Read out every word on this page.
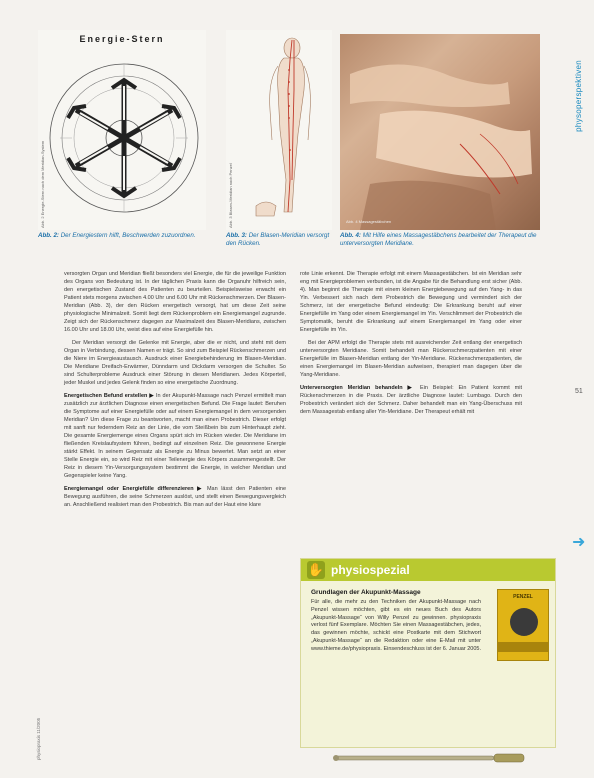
Energie-Stern
Abb. 2 Energie-Stern nach dem Meridian-System	Abb. 3 Blasen-Meridian nach Penzel	Abb. 4 Massagestäbchen
Abb. 2: Der Energiestern hilft, Beschwerden zuzuordnen.	Abb. 3: Der Blasen-Meridian versorgt den Rücken.
Abb. 4: Mit Hilfe eines Massagestäbchens bearbeitet der Therapeut die unterversorgten Meridiane.
physoperspektiven
51
➜

versorgten Organ und Meridian fließt besonders viel Energie, die für die jeweilige Funktion des Organs von Bedeutung ist. In der täglichen Praxis kann die Organuhr hilfreich sein, den energetischen Zustand des Patienten zu beurteilen. Beispielsweise erwacht ein Patient stets morgens zwischen 4.00 Uhr und 6.00 Uhr mit Rückenschmerzen. Der Blasen-Meridian (Abb. 3), der den Rücken energetisch versorgt, hat um diese Zeit seine physiologische Minimalzeit. Somit liegt dem Rückenproblem ein Energiemangel zugrunde. Zeigt sich der Rückenschmerz dagegen zur Maximalzeit des Blasen-Meridians, zwischen 16.00 Uhr und 18.00 Uhr, weist dies auf eine Energiefülle hin.

Der Meridian versorgt die Gelenke mit Energie, aber die er nicht, und steht mit dem Organ in Verbindung, dessen Namen er trägt. So sind zum Beispiel Rückenschmerzen und die Niere im Energieaustausch. Ausdruck einer Energiebehinderung im Blasen-Meridian. Die Meridiane Dreifach-Erwärmer, Dünndarm und Dickdarm versorgen die Schulter. So sind Schulterprobleme Ausdruck einer Störung in diesen Meridianen. Jedes Körperteil, jeder Muskel und jedes Gelenk finden so eine energetische Zuordnung.

Energetischen Befund erstellen ▶ In der Akupunkt-Massage nach Penzel ermittelt man zusätzlich zur ärztlichen Diagnose einen energetischen Befund. Die Frage lautet: Beruhen die Symptome auf einer Energiefülle oder auf einem Energiemangel in dem versorgenden Meridian? Um diese Frage zu beantworten, macht man einen Probestrich. Dieser erfolgt mit sanft nur federndem Reiz an der Linie, die vom Steißbein bis zum Hinterhaupt zieht. Die gesamte Energiemenge eines Organs spürt sich im Rücken wieder. Die Meridiane im fließenden Kreislaufsystem führen, bedingt auf einzelnen Reiz. Die gewonnene Energie stärkt Effekt. In seinem Gegensatz als Energie zu Minus bewertet. Man setzt an einer Stelle Energie ein, so wird Reiz mit einer Teilenergie des Körpers zusammengestellt. Der Reiz in diesem Yin-Versorgungssystem bestimmt die Energie, in welcher Meridian und Gegenspieler keine Yang.

Energiemangel oder Energiefülle differenzieren ▶ Man lässt den Patienten eine Bewegung ausführen, die seine Schmerzen auslöst, und stellt einen Bewegungsvergleich an. Anschließend realisiert man den Probestrich. Bis man auf der Haut eine klare

rote Linie erkennt. Die Therapie erfolgt mit einem Massagestäbchen. Ist ein Meridian sehr eng mit Energieproblemen verbunden, ist die Angabe für die Behandlung erst sicher (Abb. 4). Man beginnt die Therapie mit einem kleinen Energiebewegung auf den Yang- in das Yin. Verbessert sich nach dem Probestrich die Bewegung und vermindert sich der Schmerz, ist der energetische Befund eindeutig: Die Erkrankung beruht auf einer Energiefülle im Yang oder einem Energiemangel im Yin. Verschlimmert der Probestrich die Symptomatik, beruht die Erkrankung auf einem Energiemangel im Yang oder einer Energiefülle im Yin.

Bei der APM erfolgt die Therapie stets mit ausreichender Zeit entlang der energetisch unterversorgten Meridiane. Somit behandelt man Rückenschmerzpatienten mit einer Energiefülle im Blasen-Meridian entlang der Yin-Meridiane. Rückenschmerzpatienten, die einen Energiemangel im Blasen-Meridian aufweisen, therapiert man dagegen über die Yang-Meridiane.

Unterversorgten Meridian behandeln ▶ Ein Beispiel: Ein Patient kommt mit Rückenschmerzen in die Praxis. Der ärztliche Diagnose lautet: Lumbago. Durch den Probestrich verändert sich der Schmerz. Daher behandelt man ein Yang-Überschuss mit dem Massagestab entlang aller Yin-Meridiane. Der Therapeut erhält mit

physiopraxis 11/2005
✋ physiospezial
Grundlagen der Akupunkt-Massage
Für alle, die mehr zu den Techniken der Akupunkt-Massage nach Penzel wissen möchten, gibt es ein neues Buch des Autors „Akupunkt-Massage“ von Willy Penzel zu gewinnen. physiopraxis verlost fünf Exemplare. Möchten Sie einen Massagestäbchen, jedes, das gewinnen möchte, schickt eine Postkarte mit dem Stichwort „Akupunkt-Massage“ an die Redaktion oder eine E-Mail mit unter www.thieme.de/physiopraxis. Einsendeschluss ist der 6. Januar 2005.
PENZEL
